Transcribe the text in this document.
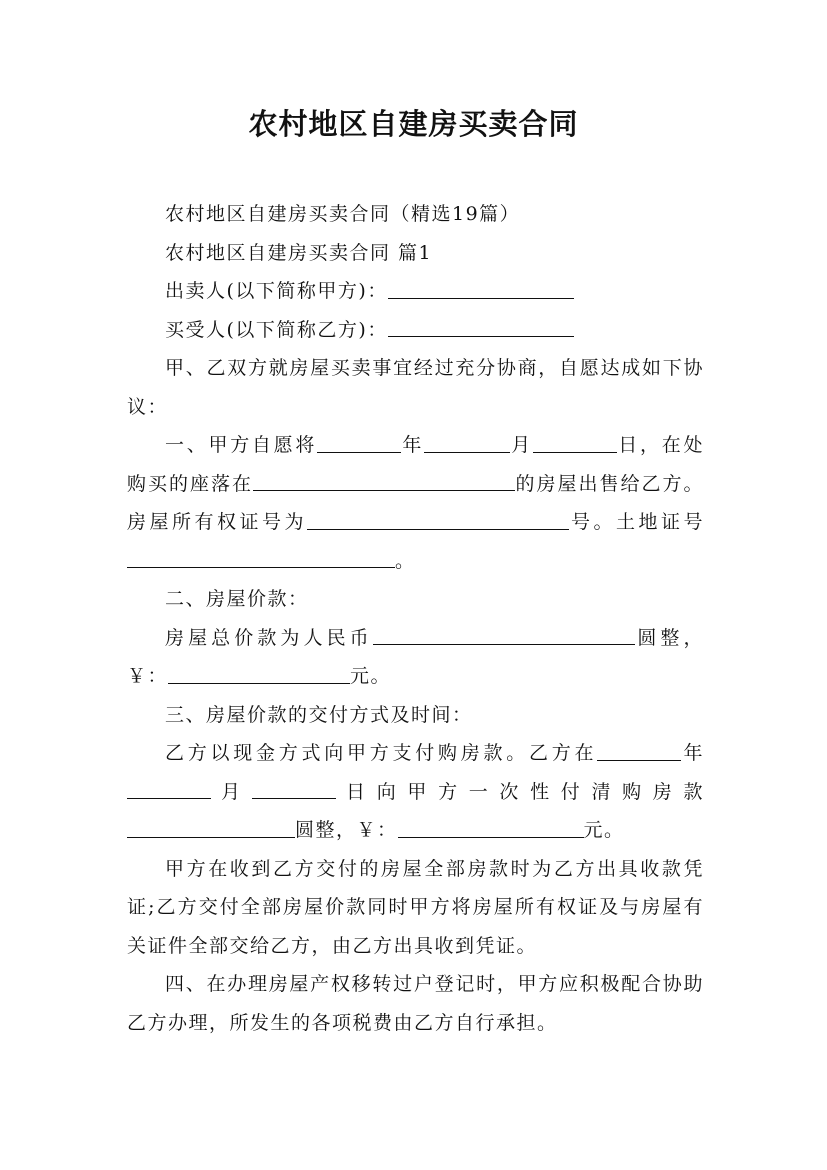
农村地区自建房买卖合同

农村地区自建房买卖合同（精选19篇）

农村地区自建房买卖合同 篇1

出卖人(以下简称甲方)：

买受人(以下简称乙方)：

甲、乙双方就房屋买卖事宜经过充分协商，自愿达成如下协议：

一、甲方自愿将	年	月	日，在处购买的座落在	的房屋出售给乙方。房屋所有权证号为	号。土地证号。

二、房屋价款：

房屋总价款为人民币	圆整，￥：	元。

三、房屋价款的交付方式及时间：

乙方以现金方式向甲方支付购房款。乙方在	年月	日向甲方一次性付清购房款圆整，￥：	元。

甲方在收到乙方交付的房屋全部房款时为乙方出具收款凭证;乙方交付全部房屋价款同时甲方将房屋所有权证及与房屋有关证件全部交给乙方，由乙方出具收到凭证。

四、在办理房屋产权移转过户登记时，甲方应积极配合协助乙方办理，所发生的各项税费由乙方自行承担。
